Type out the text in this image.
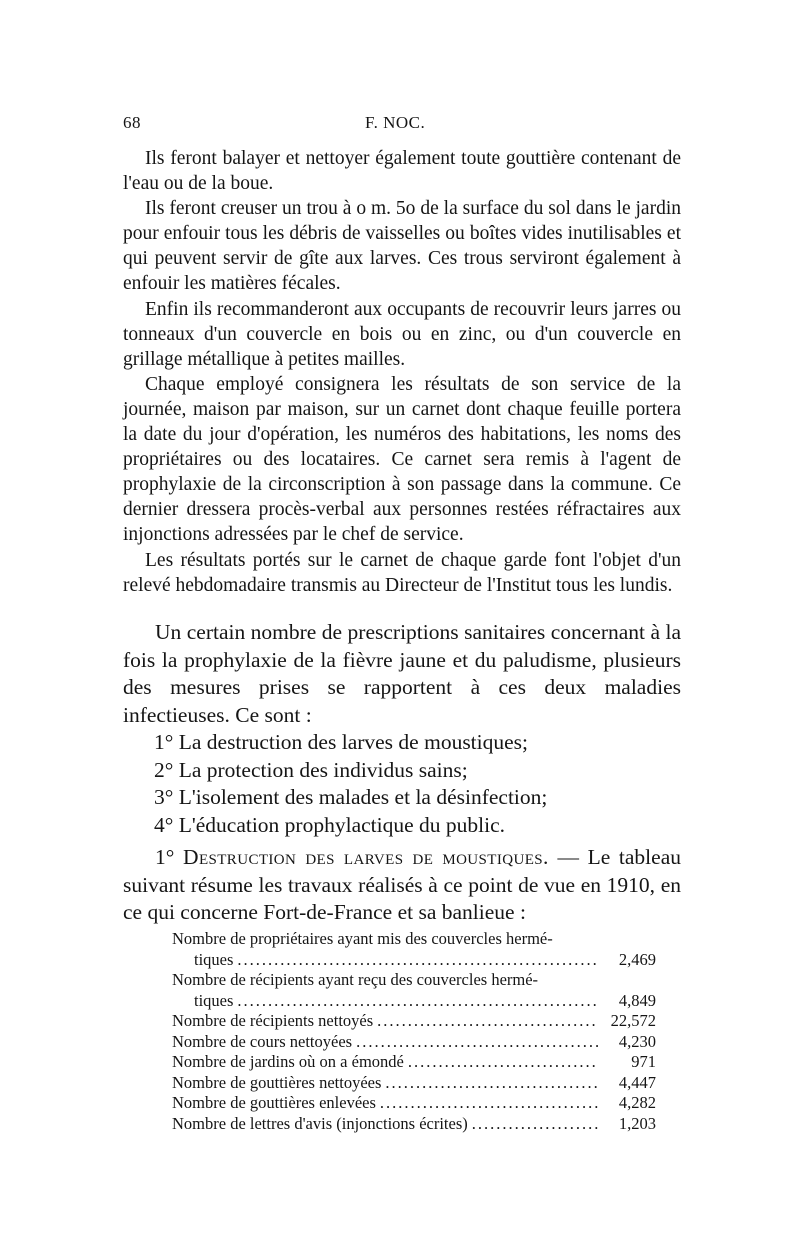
68	F. NOC.

Ils feront balayer et nettoyer également toute gouttière contenant de l'eau ou de la boue.

Ils feront creuser un trou à o m. 5o de la surface du sol dans le jardin pour enfouir tous les débris de vaisselles ou boîtes vides inutilisables et qui peuvent servir de gîte aux larves. Ces trous serviront également à enfouir les matières fécales.

Enfin ils recommanderont aux occupants de recouvrir leurs jarres ou tonneaux d'un couvercle en bois ou en zinc, ou d'un couvercle en grillage métallique à petites mailles.

Chaque employé consignera les résultats de son service de la journée, maison par maison, sur un carnet dont chaque feuille portera la date du jour d'opération, les numéros des habitations, les noms des propriétaires ou des locataires. Ce carnet sera remis à l'agent de prophylaxie de la circonscription à son passage dans la commune. Ce dernier dressera procès-verbal aux personnes restées réfractaires aux injonctions adressées par le chef de service.

Les résultats portés sur le carnet de chaque garde font l'objet d'un relevé hebdomadaire transmis au Directeur de l'Institut tous les lundis.

Un certain nombre de prescriptions sanitaires concernant à la fois la prophylaxie de la fièvre jaune et du paludisme, plusieurs des mesures prises se rapportent à ces deux maladies infectieuses. Ce sont :

1° La destruction des larves de moustiques;
2° La protection des individus sains;
3° L'isolement des malades et la désinfection;
4° L'éducation prophylactique du public.

1° Destruction des larves de moustiques. — Le tableau suivant résume les travaux réalisés à ce point de vue en 1910, en ce qui concerne Fort-de-France et sa banlieue :

Nombre de propriétaires ayant mis des couvercles hermé-
tiques .....	2,469
Nombre de récipients ayant reçu des couvercles hermé-
tiques .....	4,849
Nombre de récipients nettoyés .....	22,572
Nombre de cours nettoyées .....	4,230
Nombre de jardins où on a émondé .....	971
Nombre de gouttières nettoyées .....	4,447
Nombre de gouttières enlevées .....	4,282
Nombre de lettres d'avis (injonctions écrites) .....	1,203
